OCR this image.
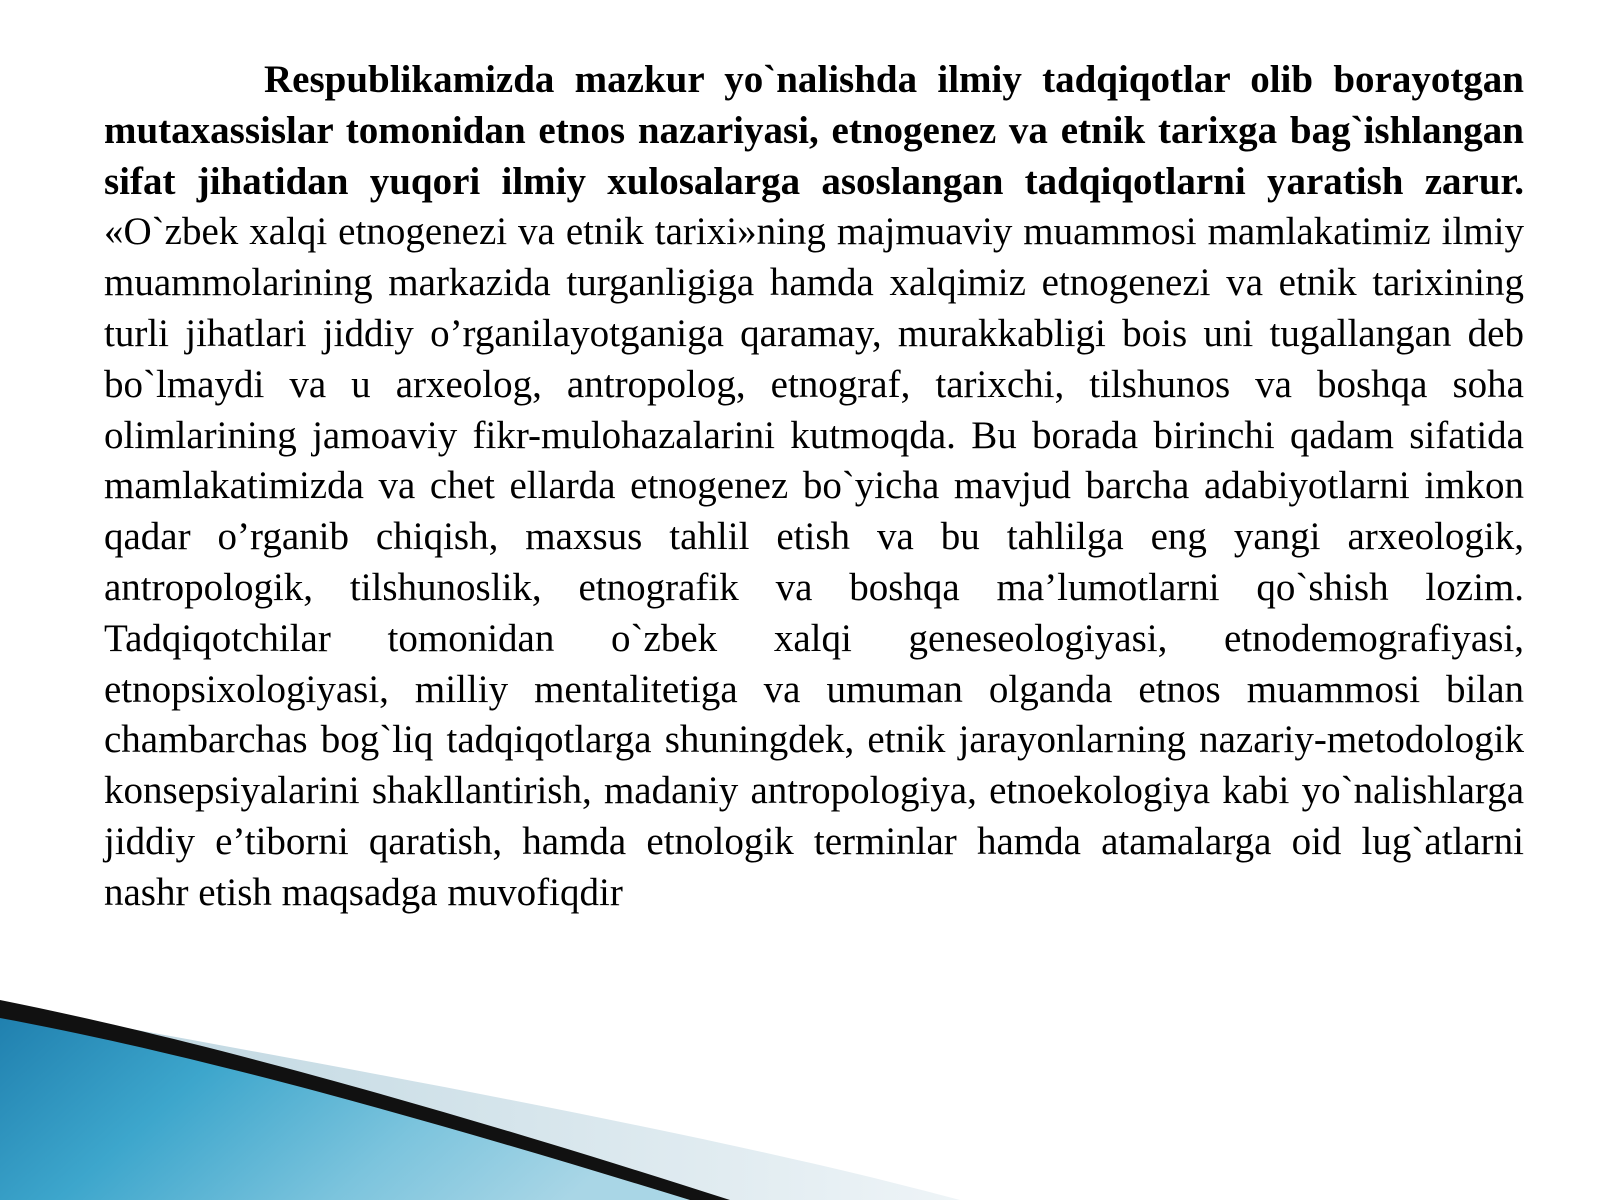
Respublikamizda mazkur yo`nalishda ilmiy tadqiqotlar olib borayotgan mutaxassislar tomonidan etnos nazariyasi, etnogenez va etnik tarixga bag`ishlangan sifat jihatidan yuqori ilmiy xulosalarga asoslangan tadqiqotlarni yaratish zarur. «O`zbek xalqi etnogenezi va etnik tarixi»ning majmuaviy muammosi mamlakatimiz ilmiy muammolarining markazida turganligiga hamda xalqimiz etnogenezi va etnik tarixining turli jihatlari jiddiy o’rganilayotganiga qaramay, murakkabligi bois uni tugallangan deb bo`lmaydi va u arxeolog, antropolog, etnograf, tarixchi, tilshunos va boshqa soha olimlarining jamoaviy fikr-mulohazalarini kutmoqda. Bu borada birinchi qadam sifatida mamlakatimizda va chet ellarda etnogenez bo`yicha mavjud barcha adabiyotlarni imkon qadar o’rganib chiqish, maxsus tahlil etish va bu tahlilga eng yangi arxeologik, antropologik, tilshunoslik, etnografik va boshqa ma’lumotlarni qo`shish lozim. Tadqiqotchilar tomonidan o`zbek xalqi geneseologiyasi, etnodemografiyasi, etnopsixologiyasi, milliy mentalitetiga va umuman olganda etnos muammosi bilan chambarchas bog`liq tadqiqotlarga shuningdek, etnik jarayonlarning nazariy-metodologik konsepsiyalarini shakllantirish, madaniy antropologiya, etnoekologiya kabi yo`nalishlarga jiddiy e’tiborni qaratish, hamda etnologik terminlar hamda atamalarga oid lug`atlarni nashr etish maqsadga muvofiqdir
